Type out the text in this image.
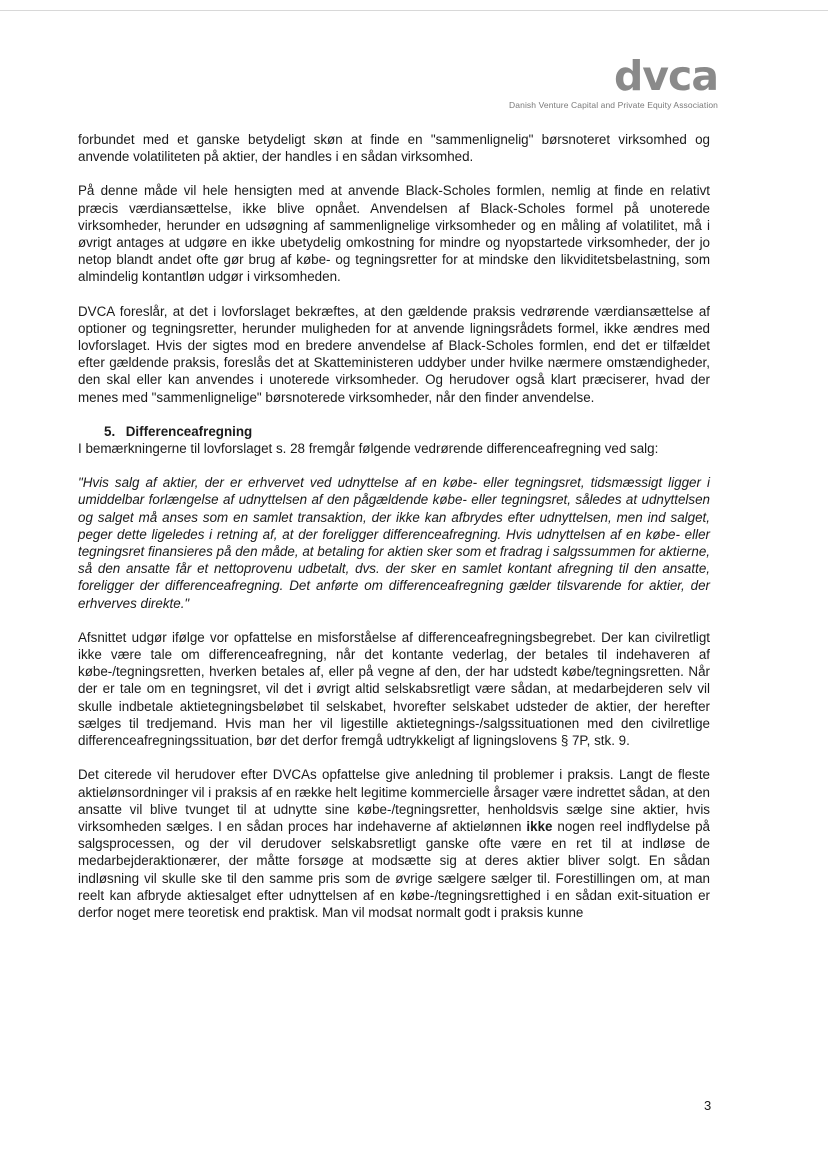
dvca
Danish Venture Capital and Private Equity Association

forbundet med et ganske betydeligt skøn at finde en "sammenlignelig" børsnoteret virksomhed og anvende volatiliteten på aktier, der handles i en sådan virksomhed.

På denne måde vil hele hensigten med at anvende Black-Scholes formlen, nemlig at finde en relativt præcis værdiansættelse, ikke blive opnået. Anvendelsen af Black-Scholes formel på unoterede virksomheder, herunder en udsøgning af sammenlignelige virksomheder og en måling af volatilitet, må i øvrigt antages at udgøre en ikke ubetydelig omkostning for mindre og nyopstartede virksomheder, der jo netop blandt andet ofte gør brug af købe- og tegningsretter for at mindske den likviditetsbelastning, som almindelig kontantløn udgør i virksomheden.

DVCA foreslår, at det i lovforslaget bekræftes, at den gældende praksis vedrørende værdiansættelse af optioner og tegningsretter, herunder muligheden for at anvende ligningsrådets formel, ikke ændres med lovforslaget. Hvis der sigtes mod en bredere anvendelse af Black-Scholes formlen, end det er tilfældet efter gældende praksis, foreslås det at Skatteministeren uddyber under hvilke nærmere omstændigheder, den skal eller kan anvendes i unoterede virksomheder. Og herudover også klart præciserer, hvad der menes med "sammenlignelige" børsnoterede virksomheder, når den finder anvendelse.

5. Differenceafregning

I bemærkningerne til lovforslaget s. 28 fremgår følgende vedrørende differenceafregning ved salg:

"Hvis salg af aktier, der er erhvervet ved udnyttelse af en købe- eller tegningsret, tidsmæssigt ligger i umiddelbar forlængelse af udnyttelsen af den pågældende købe- eller tegningsret, således at udnyttelsen og salget må anses som en samlet transaktion, der ikke kan afbrydes efter udnyttelsen, men ind salget, peger dette ligeledes i retning af, at der foreligger differenceafregning. Hvis udnyttelsen af en købe- eller tegningsret finansieres på den måde, at betaling for aktien sker som et fradrag i salgssummen for aktierne, så den ansatte får et nettoprovenu udbetalt, dvs. der sker en samlet kontant afregning til den ansatte, foreligger der differenceafregning. Det anførte om differenceafregning gælder tilsvarende for aktier, der erhverves direkte."

Afsnittet udgør ifølge vor opfattelse en misforståelse af differenceafregningsbegrebet. Der kan civilretligt ikke være tale om differenceafregning, når det kontante vederlag, der betales til indehaveren af købe-/tegningsretten, hverken betales af, eller på vegne af den, der har udstedt købe/tegningsretten. Når der er tale om en tegningsret, vil det i øvrigt altid selskabsretligt være sådan, at medarbejderen selv vil skulle indbetale aktietegningsbeløbet til selskabet, hvorefter selskabet udsteder de aktier, der herefter sælges til tredjemand. Hvis man her vil ligestille aktietegnings-/salgssituationen med den civilretlige differenceafregningssituation, bør det derfor fremgå udtrykkeligt af ligningslovens § 7P, stk. 9.

Det citerede vil herudover efter DVCAs opfattelse give anledning til problemer i praksis. Langt de fleste aktielønsordninger vil i praksis af en række helt legitime kommercielle årsager være indrettet sådan, at den ansatte vil blive tvunget til at udnytte sine købe-/tegningsretter, henholdsvis sælge sine aktier, hvis virksomheden sælges. I en sådan proces har indehaverne af aktielønnen ikke nogen reel indflydelse på salgsprocessen, og der vil derudover selskabsretligt ganske ofte være en ret til at indløse de medarbejderaktionærer, der måtte forsøge at modsætte sig at deres aktier bliver solgt. En sådan indløsning vil skulle ske til den samme pris som de øvrige sælgere sælger til. Forestillingen om, at man reelt kan afbryde aktiesalget efter udnyttelsen af en købe-/tegningsrettighed i en sådan exit-situation er derfor noget mere teoretisk end praktisk. Man vil modsat normalt godt i praksis kunne

3
